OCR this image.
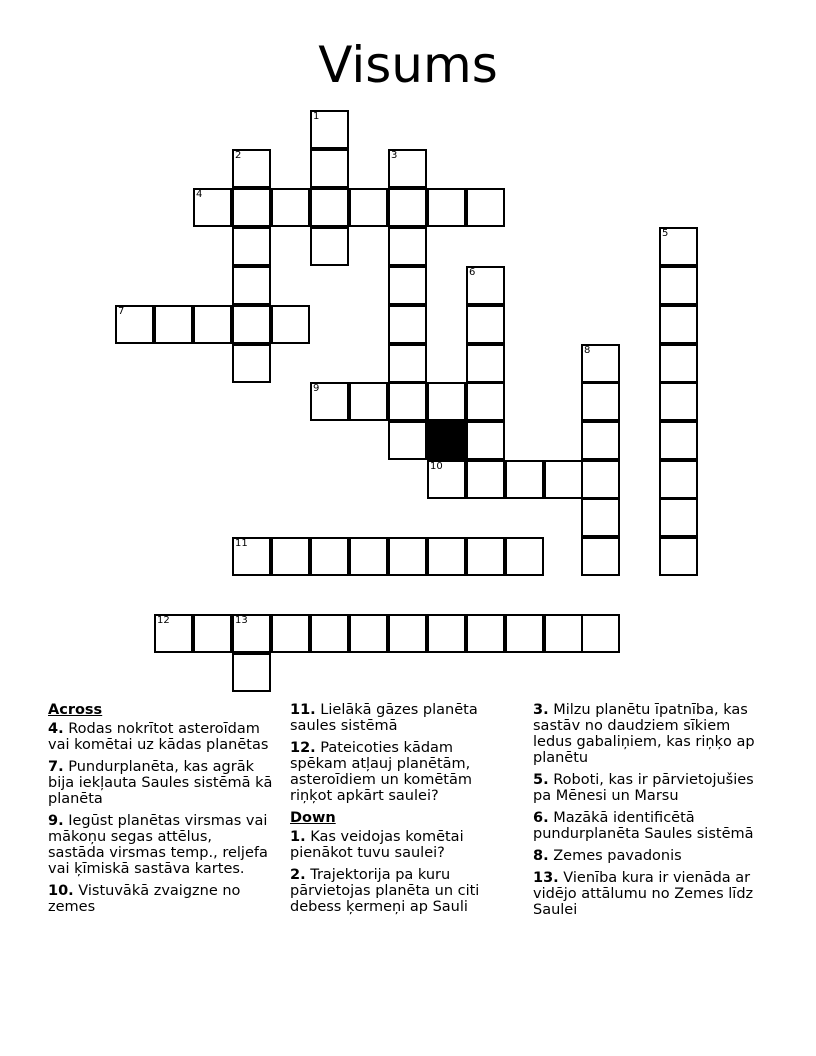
Visums
1
2	3
4
5
6
7
8
9
10
11
12	13
Across
4. Rodas nokrītot asteroīdam vai komētai uz kādas planētas
7. Pundurplanēta, kas agrāk bija iekļauta Saules sistēmā kā planēta
9. Iegūst planētas virsmas vai mākoņu segas attēlus, sastāda virsmas temp., reljefa vai ķīmiskā sastāva kartes.
10. Vistuvākā zvaigzne no zemes
11. Lielākā gāzes planēta saules sistēmā
12. Pateicoties kādam spēkam atļauj planētām, asteroīdiem un komētām riņķot apkārt saulei?
Down
1. Kas veidojas komētai pienākot tuvu saulei?
2. Trajektorija pa kuru pārvietojas planēta un citi debess ķermeņi ap Sauli
3. Milzu planētu īpatnība, kas sastāv no daudziem sīkiem ledus gabaliņiem, kas riņķo ap planētu
5. Roboti, kas ir pārvietojušies pa Mēnesi un Marsu
6. Mazākā identificētā pundurplanēta Saules sistēmā
8. Zemes pavadonis
13. Vienība kura ir vienāda ar vidējo attālumu no Zemes līdz Saulei
